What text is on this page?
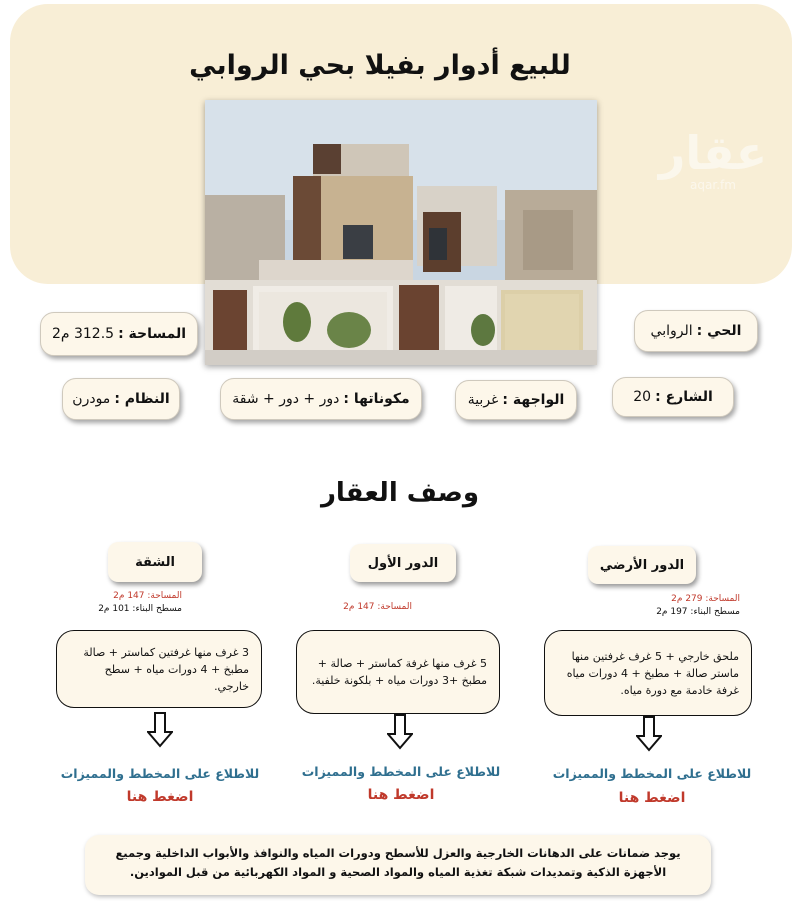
عقار
aqar.fm
للبيع أدوار بفيلا بحي الروابي
المساحة :
312.5 م2	الحي :
الروابي
الشارع :
20
الواجهة :
غربية
مكوناتها :
دور + دور + شقة
النظام :
مودرن
وصف العقار
الدور الأرضي
المساحة: 279 م2
مسطح البناء: 197 م2
ملحق خارجي + 5 غرف غرفتين منها ماستر صالة + مطبخ + 4 دورات مياه غرفة خادمة مع دورة مياه.
للاطلاع على المخطط والمميزات
اضغط هنا
الدور الأول
المساحة: 147 م2
5 غرف منها غرفة كماستر + صالة + مطبخ +3 دورات مياه + بلكونة خلفية.
للاطلاع على المخطط والمميزات
اضغط هنا
الشقة
المساحة: 147 م2
مسطح البناء: 101 م2
3 غرف منها غرفتين كماستر + صالة مطبخ + 4 دورات مياه + سطح خارجي.
للاطلاع على المخطط والمميزات
اضغط هنا
يوجد ضمانات على الدهانات الخارجية والعزل للأسطح ودورات المياه والنوافذ والأبواب الداخلية وجميع الأجهزة الذكية وتمديدات شبكة تغذية المياه والمواد الصحية و المواد الكهربائية من قبل الموادين.
